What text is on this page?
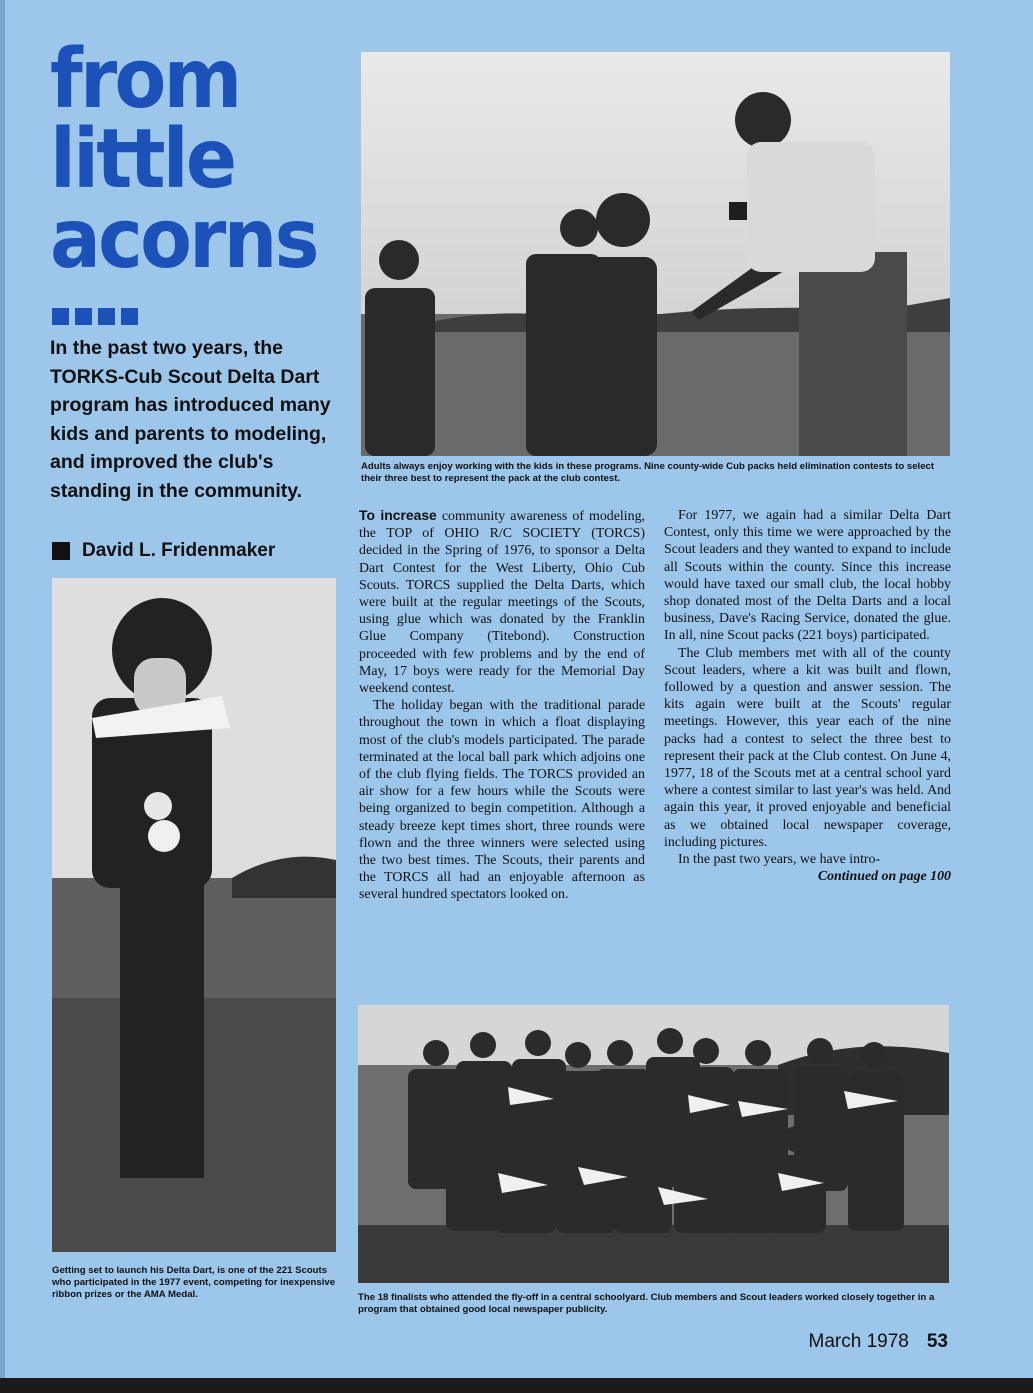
from
little
acorns

In the past two years, the TORKS-Cub Scout Delta Dart program has introduced many kids and parents to modeling, and improved the club's standing in the community.

David L. Fridenmaker

Adults always enjoy working with the kids in these programs. Nine county-wide Cub packs held elimination contests to select their three best to represent the pack at the club contest.

Getting set to launch his Delta Dart, is one of the 221 Scouts who participated in the 1977 event, competing for inexpensive ribbon prizes or the AMA Medal.

To increase community awareness of modeling, the TOP of OHIO R/C SOCIETY (TORCS) decided in the Spring of 1976, to sponsor a Delta Dart Contest for the West Liberty, Ohio Cub Scouts. TORCS supplied the Delta Darts, which were built at the regular meetings of the Scouts, using glue which was donated by the Franklin Glue Company (Titebond). Construction proceeded with few problems and by the end of May, 17 boys were ready for the Memorial Day weekend contest.

The holiday began with the traditional parade throughout the town in which a float displaying most of the club's models participated. The parade terminated at the local ball park which adjoins one of the club flying fields. The TORCS provided an air show for a few hours while the Scouts were being organized to begin competition. Although a steady breeze kept times short, three rounds were flown and the three winners were selected using the two best times. The Scouts, their parents and the TORCS all had an enjoyable afternoon as several hundred spectators looked on.

For 1977, we again had a similar Delta Dart Contest, only this time we were approached by the Scout leaders and they wanted to expand to include all Scouts within the county. Since this increase would have taxed our small club, the local hobby shop donated most of the Delta Darts and a local business, Dave's Racing Service, donated the glue. In all, nine Scout packs (221 boys) participated.

The Club members met with all of the county Scout leaders, where a kit was built and flown, followed by a question and answer session. The kits again were built at the Scouts' regular meetings. However, this year each of the nine packs had a contest to select the three best to represent their pack at the Club contest. On June 4, 1977, 18 of the Scouts met at a central school yard where a contest similar to last year's was held. And again this year, it proved enjoyable and beneficial as we obtained local newspaper coverage, including pictures.

In the past two years, we have intro-

Continued on page 100

The 18 finalists who attended the fly-off in a central schoolyard. Club members and Scout leaders worked closely together in a program that obtained good local newspaper publicity.

March 1978 53
